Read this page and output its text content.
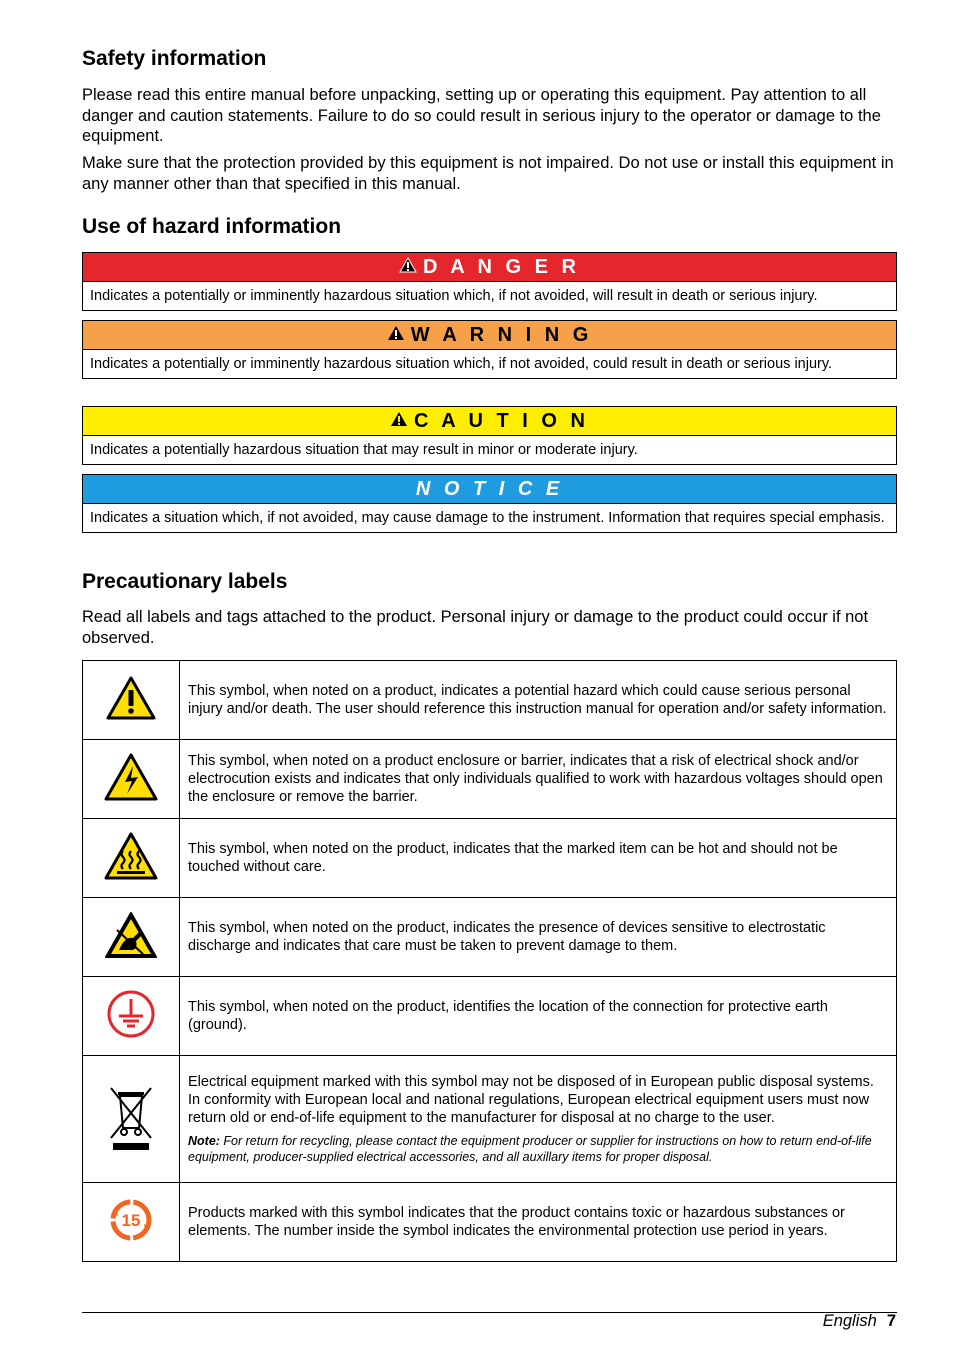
Safety information

Please read this entire manual before unpacking, setting up or operating this equipment. Pay attention to all danger and caution statements. Failure to do so could result in serious injury to the operator or damage to the equipment.

Make sure that the protection provided by this equipment is not impaired. Do not use or install this equipment in any manner other than that specified in this manual.

Use of hazard information
D A N G E R
Indicates a potentially or imminently hazardous situation which, if not avoided, will result in death or serious injury.
W A R N I N G
Indicates a potentially or imminently hazardous situation which, if not avoided, could result in death or serious injury.
C A U T I O N
Indicates a potentially hazardous situation that may result in minor or moderate injury.
N O T I C E
Indicates a situation which, if not avoided, may cause damage to the instrument. Information that requires special emphasis.
Precautionary labels

Read all labels and tags attached to the product. Personal injury or damage to the product could occur if not observed.

	This symbol, when noted on a product, indicates a potential hazard which could cause serious personal injury and/or death. The user should reference this instruction manual for operation and/or safety information.
	This symbol, when noted on a product enclosure or barrier, indicates that a risk of electrical shock and/or electrocution exists and indicates that only individuals qualified to work with hazardous voltages should open the enclosure or remove the barrier.
	This symbol, when noted on the product, indicates that the marked item can be hot and should not be touched without care.
	This symbol, when noted on the product, indicates the presence of devices sensitive to electrostatic discharge and indicates that care must be taken to prevent damage to them.
	This symbol, when noted on the product, identifies the location of the connection for protective earth (ground).

Electrical equipment marked with this symbol may not be disposed of in European public disposal systems. In conformity with European local and national regulations, European electrical equipment users must now return old or end-of-life equipment to the manufacturer for disposal at no charge to the user.
Note: For return for recycling, please contact the equipment producer or supplier for instructions on how to return end-of-life equipment, producer-supplied electrical accessories, and all auxillary items for proper disposal.

15	Products marked with this symbol indicates that the product contains toxic or hazardous substances or elements. The number inside the symbol indicates the environmental protection use period in years.
English 7
